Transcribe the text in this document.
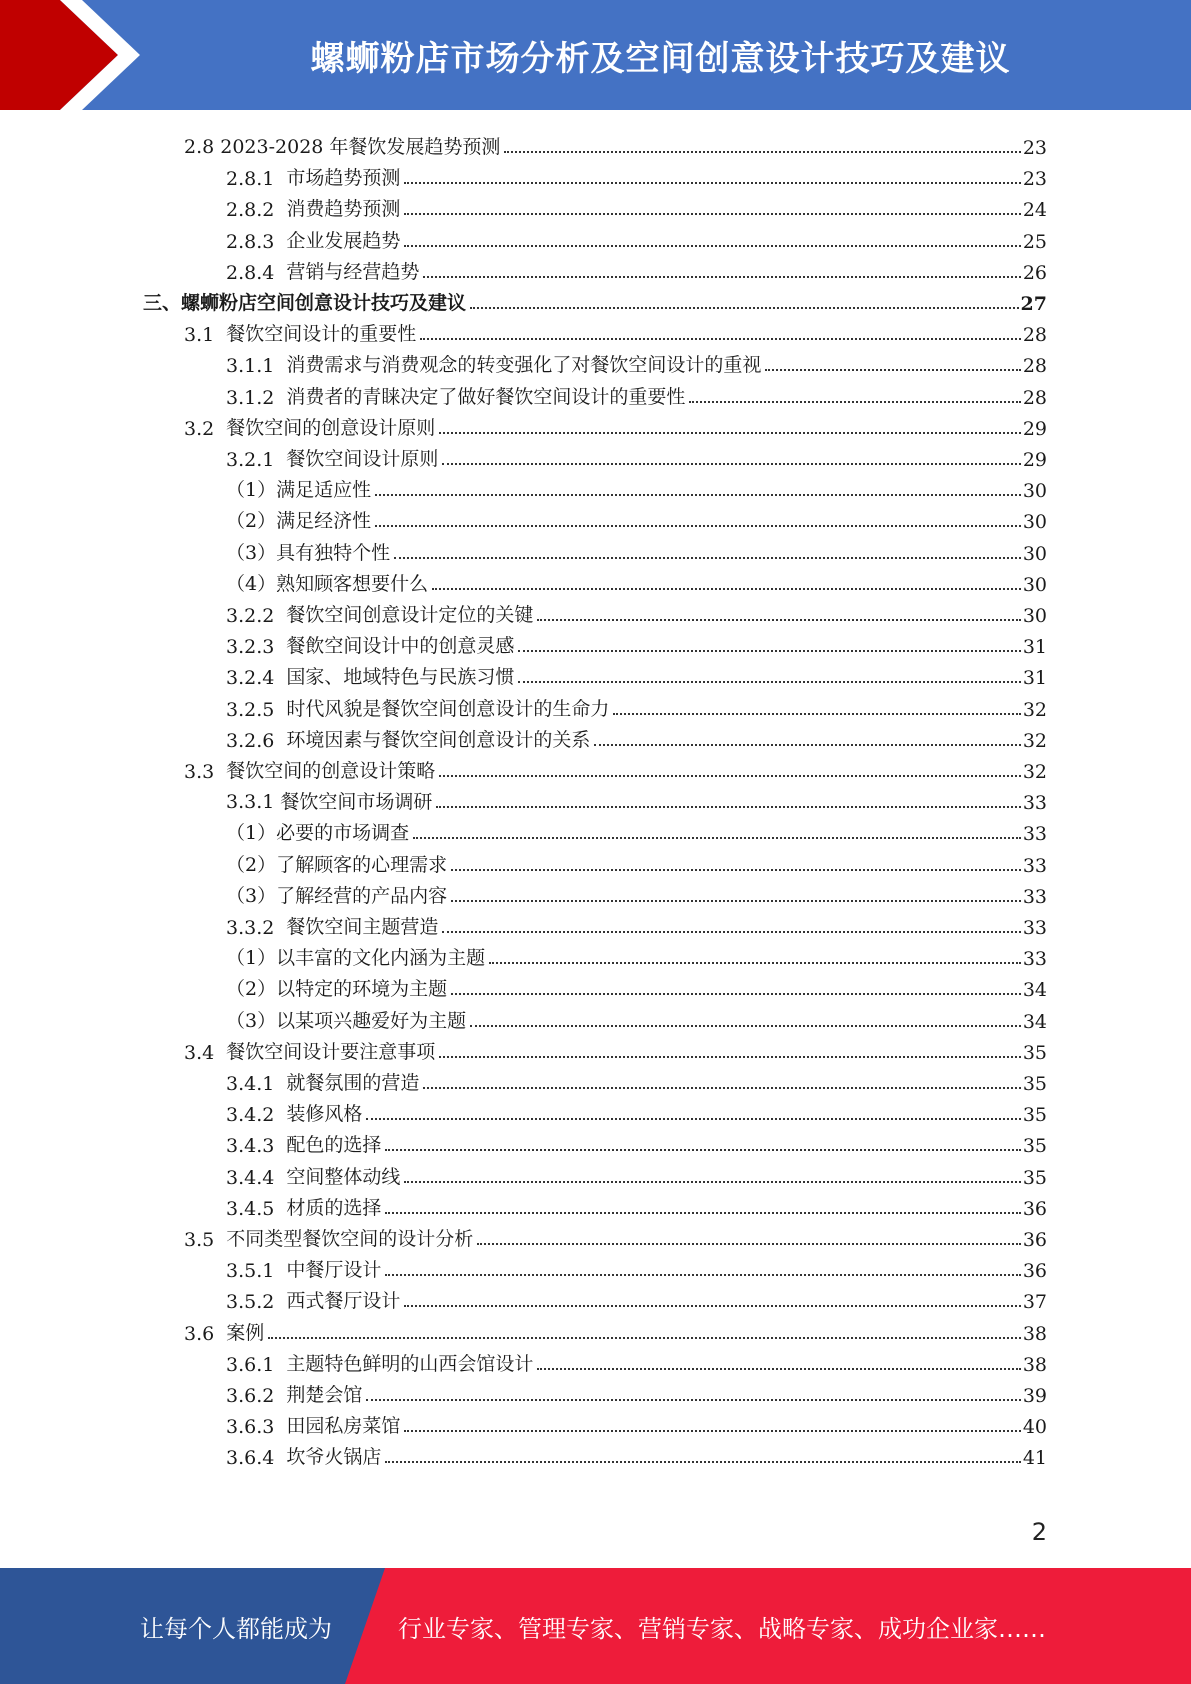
螺蛳粉店市场分析及空间创意设计技巧及建议
2.8 2023-2028 年餐饮发展趋势预测	23
2.8.1 市场趋势预测	23
2.8.2 消费趋势预测	24
2.8.3 企业发展趋势	25
2.8.4 营销与经营趋势	26
三、螺蛳粉店空间创意设计技巧及建议	27
3.1 餐饮空间设计的重要性	28
3.1.1 消费需求与消费观念的转变强化了对餐饮空间设计的重视	28
3.1.2 消费者的青睐决定了做好餐饮空间设计的重要性	28
3.2 餐饮空间的创意设计原则	29
3.2.1 餐饮空间设计原则	29
（1）满足适应性	30
（2）满足经济性	30
（3）具有独特个性	30
（4）熟知顾客想要什么	30
3.2.2 餐饮空间创意设计定位的关键	30
3.2.3 餐飲空间设计中的创意灵感	31
3.2.4 国家、地域特色与民族习惯	31
3.2.5 时代风貌是餐饮空间创意设计的生命力	32
3.2.6 环境因素与餐饮空间创意设计的关系	32
3.3 餐饮空间的创意设计策略	32
3.3.1 餐饮空间市场调研	33
（1）必要的市场调查	33
（2）了解顾客的心理需求	33
（3）了解经营的产品内容	33
3.3.2 餐饮空间主题营造	33
（1）以丰富的文化内涵为主题	33
（2）以特定的环境为主题	34
（3）以某项兴趣爱好为主题	34
3.4 餐饮空间设计要注意事项	35
3.4.1 就餐氛围的营造	35
3.4.2 装修风格	35
3.4.3 配色的选择	35
3.4.4 空间整体动线	35
3.4.5 材质的选择	36
3.5 不同类型餐饮空间的设计分析	36
3.5.1 中餐厅设计	36
3.5.2 西式餐厅设计	37
3.6 案例	38
3.6.1 主题特色鲜明的山西会馆设计	38
3.6.2 荆楚会馆	39
3.6.3 田园私房菜馆	40
3.6.4 坎爷火锅店	41
2
让每个人都能成为	行业专家、管理专家、营销专家、战略专家、成功企业家……
